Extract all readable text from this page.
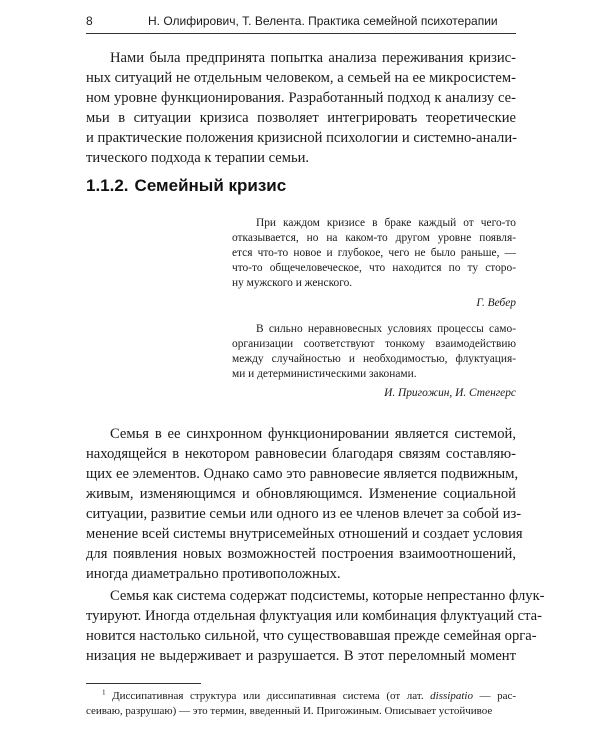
8	Н. Олифирович, Т. Велента. Практика семейной психотерапии
Нами была предпринята попытка анализа переживания кризис-
ных ситуаций не отдельным человеком, а семьей на ее микросистем-
ном уровне функционирования. Разработанный подход к анализу се-
мьи в ситуации кризиса позволяет интегрировать теоретические
и практические положения кризисной психологии и системно-анали-
тического подхода к терапии семьи.
1.1.2. Семейный кризис
При каждом кризисе в браке каждый от чего-то
отказывается, но на каком-то другом уровне появля-
ется что-то новое и глубокое, чего не было раньше, —
что-то общечеловеческое, что находится по ту сторо-
ну мужского и женского.
Г. Вебер
В сильно неравновесных условиях процессы само-
организации соответствуют тонкому взаимодействию
между случайностью и необходимостью, флуктуация-
ми и детерминистическими законами.
И. Пригожин, И. Стенгерс
Семья в ее синхронном функционировании является системой,
находящейся в некотором равновесии благодаря связям составляю-
щих ее элементов. Однако само это равновесие является подвижным,
живым, изменяющимся и обновляющимся. Изменение социальной
ситуации, развитие семьи или одного из ее членов влечет за собой из-
менение всей системы внутрисемейных отношений и создает условия
для появления новых возможностей построения взаимоотношений,
иногда диаметрально противоположных.
Семья как система содержат подсистемы, которые непрестанно флук-
туируют. Иногда отдельная флуктуация или комбинация флуктуаций ста-
новится настолько сильной, что существовавшая прежде семейная орга-
низация не выдерживает и разрушается. В этот переломный момент
$^1$ Диссипативная структура или диссипативная система (от лат. dissipatio — рас-
сеиваю, разрушаю) — это термин, введенный И. Пригожиным. Описывает устойчивое
